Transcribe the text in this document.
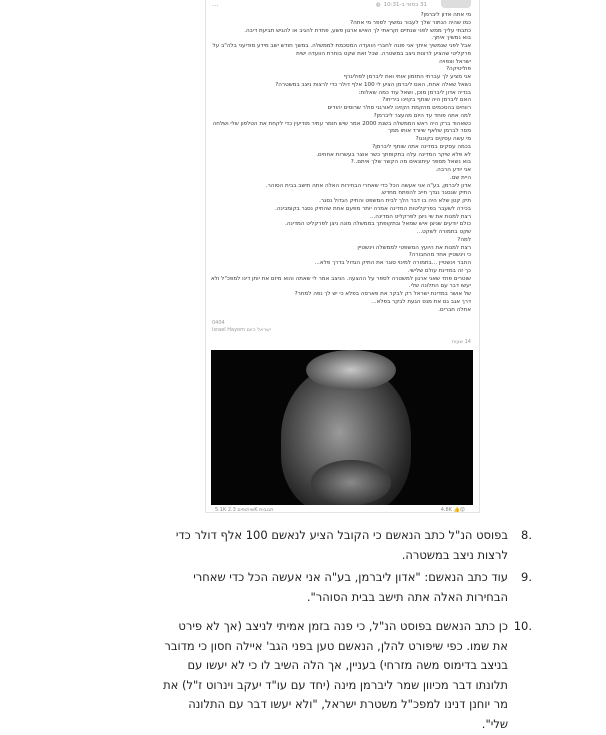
...	31 במאי ב-10:31
◍
מי אתה אדון ליברמן?
כמו שהיה הנתור שלך לעבור נמשיך לספר מי אתה?
כתבתי עליך ממש לפני שנתיים וקראתי לך האיש ארגון פשע, פחדת להגיב או להגיש תביעת דיבה.
בוא נמשיך איתך.
אבל לפני שנמשיך איתך אני פונה לחברי הוועדה המסכמת לממשלה. במשך חודש ישב מידע מודיעני בלה"ב על
פרקליטי שהציע לרצות ניצב במשטרה. שכל זאת שקט בוחרת הוועדה ישית
ישראל וצפויה
פוליטיקה?
אני מציע לך עברתי התזמון אותי ואת ליברמן לפוליגרף
נשאל שאלה אחת, האם ליברמן הציע לי 100 אלף דולר כדי לרצות ניצב במשטרה?
בנדיה אדון ליברמן מוכן, ושאל עוד כמה שאלות:
האם ליברמן היה שותף בקזינו ביריחו?
רווחים בהסכמים מהקמת הקזינו לאורגני סולר שרוסים יהודים
למה אתה פוחד עד היום מהעצר ליברמן?
כשאהוד ברק היה ראש הממשלה בשנת 2000 אמר שיש חומר עתיר מודיעין כדי לקחת את הטלפון שלי ושלחה
מסר לברמן שלאף שיורד אותו ממך
מי עשה עסקים בקונגו?
בכמה עסקים במדינה אתה שותף ליברמן?
לא פלא שיקר המדינה עלה בתקופתך כשר אוצר בעשרות אחוזים.
בוא נשאל מספר עיתונאים מה הקשר שלך איתם..?
אני יודע הרבה.
היית שם.
אדון ליברמן, בע"ה אני אעשה הכל כדי שאחרי הבחירות האלה אתה תישב בבית הסוהר.
התיק שנסגר נגדך חייב להפתח מחדש.
תיק קטן שלא היה בו דבר הלך לבית המשפט והתיק הגדול נסגר.
בכירה לשעבר בפרקליטות המדינה אמרה יותר מפעם אחת שהתיק נסגר בקומבינה.
רצת למנות את שי ניצן לפרקליט המדינה...
כולם יודעים שניצן איש שמאל ובתקופתך בממשלה מונה ניצן לפרקליט המדינה.
שקט בתמורה לשקט...
למה?
רצת למנות את היועץ המשפטי לממשלה וינשטיין
כי וינשטיין אחד מהחבורה?
החבר וינשטיין ...בתמורה למינוי סוגר את התיק הגדול בדרך פלא...
כך זה במדינת עולם שלישי.
שוטרים פחד שאני ארגון למשטרה לספר על ההצעה. הניצב אמר לי שאתה והוא מיזם את יותן דינו למפכ"ל ולא
יעשו דבר עם התלונה שלי.
של אושר במדינת ישראל רק לבקר את פארסה בפלא כי יש לך נפה למחר?
דרך אגב גם את מנס הגעת לבקר בפלא...
אתלה חברים.
0404
Israel Hayom ישראל היום
14 שעות
5.1K שיתופים 2.3K תגובות	4.8K 👍😮
.8
בפוסט הנ"ל כתב הנאשם כי הקובל הציע לנאשם 100 אלף דולר כדי לרצות ניצב במשטרה.
.9
עוד כתב הנאשם: "אדון ליברמן, בע"ה אני אעשה הכל כדי שאחרי הבחירות האלה אתה תישב בבית הסוהר".
.10
כן כתב הנאשם בפוסט הנ"ל, כי פנה בזמן אמיתי לניצב (אך לא פירט את שמו. כפי שיפורט להלן, הנאשם טען בפני הגב' איילה חסון כי מדובר בניצב בדימוס משה מזרחי) בעניין, אך הלה השיב לו כי לא יעשו עם תלונתו דבר מכיוון שמר ליברמן מינה (יחד עם עו"ד יעקב וינרוט ז"ל) את מר יוחנן דנינו למפכ"ל משטרת ישראל, "ולא יעשו דבר עם התלונה שלי".
